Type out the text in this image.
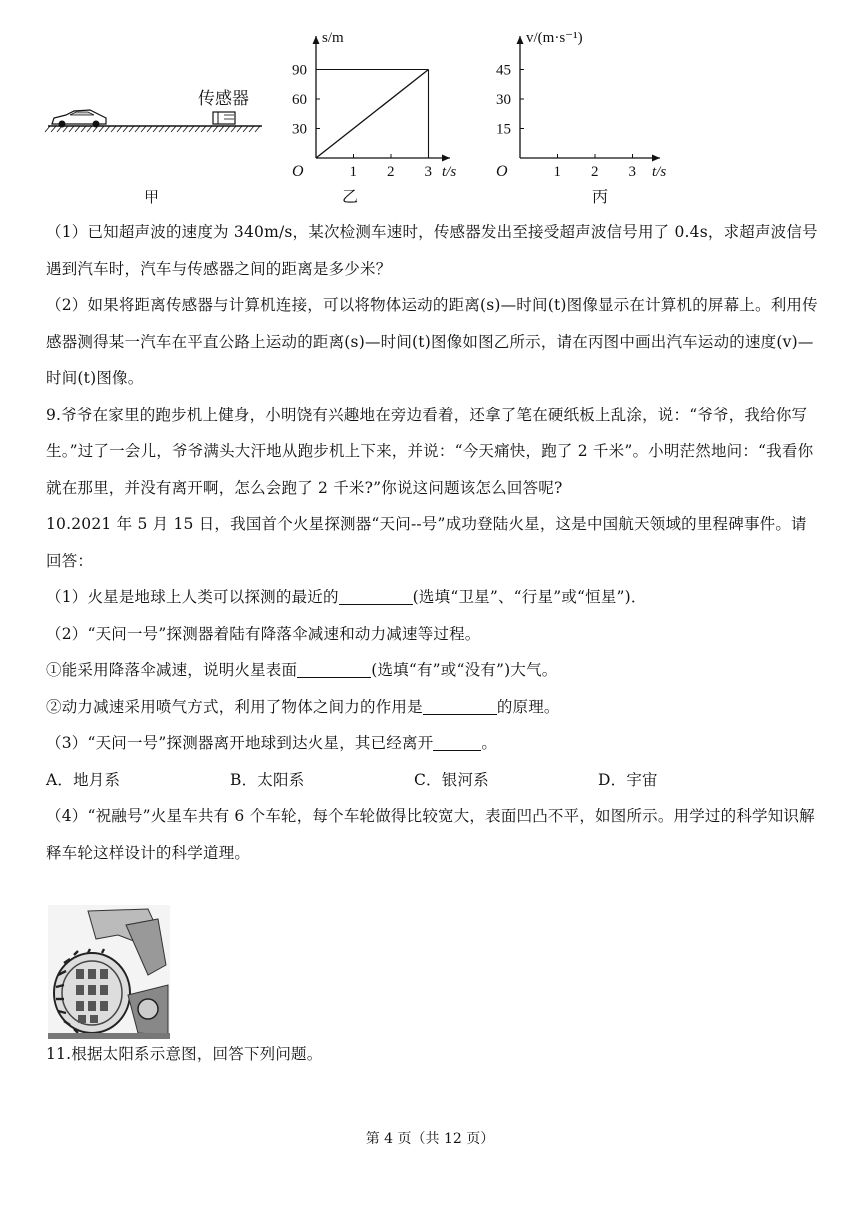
传感器
甲	乙
O	1 2 3
30
60
90
s/m
t/s
丙
O	1 2 3
15
30
45
v/(m·s⁻¹)
t/s

（1）已知超声波的速度为 340m/s，某次检测车速时，传感器发出至接受超声波信号用了 0.4s，求超声波信号遇到汽车时，汽车与传感器之间的距离是多少米？

（2）如果将距离传感器与计算机连接，可以将物体运动的距离(s)—时间(t)图像显示在计算机的屏幕上。利用传感器测得某一汽车在平直公路上运动的距离(s)—时间(t)图像如图乙所示，请在丙图中画出汽车运动的速度(v)—时间(t)图像。

9.爷爷在家里的跑步机上健身，小明饶有兴趣地在旁边看着，还拿了笔在硬纸板上乱涂，说：“爷爷，我给你写生。”过了一会儿，爷爷满头大汗地从跑步机上下来，并说：“今天痛快，跑了 2 千米”。小明茫然地问：“我看你就在那里，并没有离开啊，怎么会跑了 2 千米?”你说这问题该怎么回答呢?

10.2021 年 5 月 15 日，我国首个火星探测器“天问--号”成功登陆火星，这是中国航天领域的里程碑事件。请回答：

（1）火星是地球上人类可以探测的最近的	(选填“卫星”、“行星”或“恒星”)．

（2）“天问一号”探测器着陆有降落伞减速和动力减速等过程。

①能采用降落伞减速，说明火星表面	(选填“有”或“没有”)大气。

②动力减速采用喷气方式，利用了物体之间力的作用是	的原理。

（3）“天问一号”探测器离开地球到达火星，其已经离开	。

A．地月系	B．太阳系	C．银河系	D．宇宙

（4）“祝融号”火星车共有 6 个车轮，每个车轮做得比较宽大，表面凹凸不平，如图所示。用学过的科学知识解释车轮这样设计的科学道理。

11.根据太阳系示意图，回答下列问题。

第 4 页（共 12 页）
